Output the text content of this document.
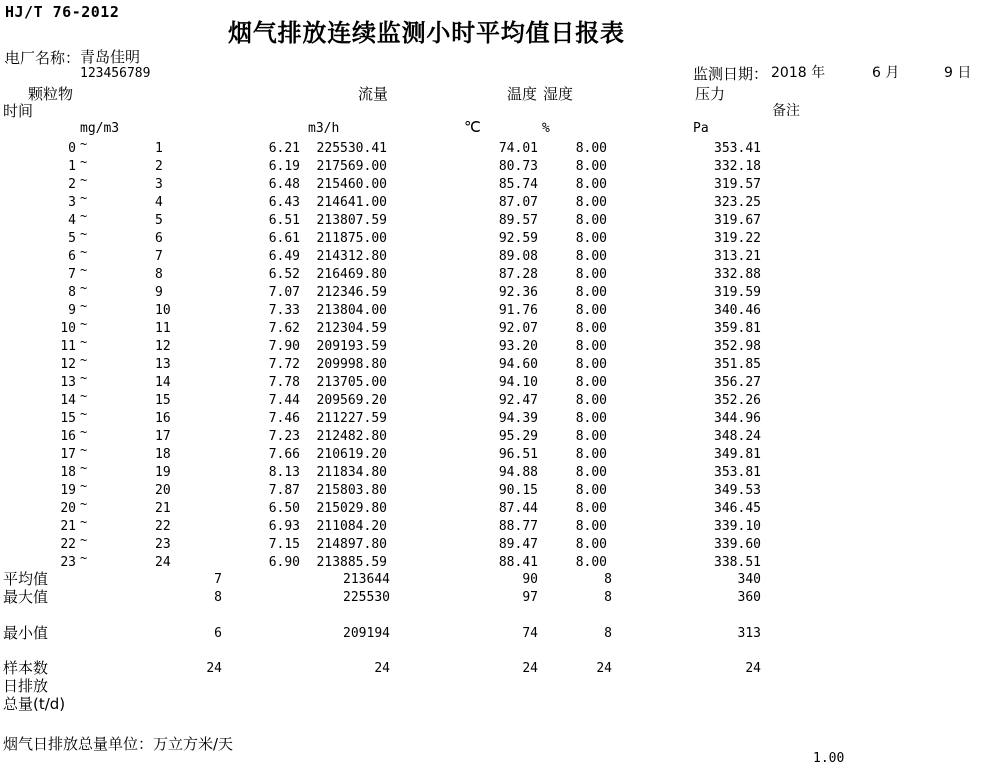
HJ/T 76-2012
烟气排放连续监测小时平均值日报表
电厂名称： 青岛佳明
`	123456789	监测日期： 2018 年	6 月	9 日
颗粒物	流量	温度 湿度	压力
时间	备注
mg/m3	m3/h	℃	%	Pa
0	1	6.21	225530.41	74.01	8.00	353.41
~
1	2	6.19	217569.00	80.73	8.00	332.18
~
2	3	6.48	215460.00	85.74	8.00	319.57
~
3	4	6.43	214641.00	87.07	8.00	323.25
~
4	5	6.51	213807.59	89.57	8.00	319.67
~
5	6	6.61	211875.00	92.59	8.00	319.22
~
6	7	6.49	214312.80	89.08	8.00	313.21
~
7	8	6.52	216469.80	87.28	8.00	332.88
~
8	9	7.07	212346.59	92.36	8.00	319.59
~
9	10	7.33	213804.00	91.76	8.00	340.46
~
10	11	7.62	212304.59	92.07	8.00	359.81
~
11	12	7.90	209193.59	93.20	8.00	352.98
~
12	13	7.72	209998.80	94.60	8.00	351.85
~
13	14	7.78	213705.00	94.10	8.00	356.27
~
14	15	7.44	209569.20	92.47	8.00	352.26
~
15	16	7.46	211227.59	94.39	8.00	344.96
~
16	17	7.23	212482.80	95.29	8.00	348.24
~
17	18	7.66	210619.20	96.51	8.00	349.81
~
18	19	8.13	211834.80	94.88	8.00	353.81
~
19	20	7.87	215803.80	90.15	8.00	349.53
~
20	21	6.50	215029.80	87.44	8.00	346.45
~
21	22	6.93	211084.20	88.77	8.00	339.10
~
22	23	7.15	214897.80	89.47	8.00	339.60
~
23	24	6.90	213885.59	88.41	8.00	338.51
~
平均值	7	213644	90	8	340
最大值	8	225530	97	8	360
最小值	6	209194	74	8	313
样本数	24	24	24	24	24
日排放
总量(t/d)
烟气日排放总量单位：万立方米/天
1.00
